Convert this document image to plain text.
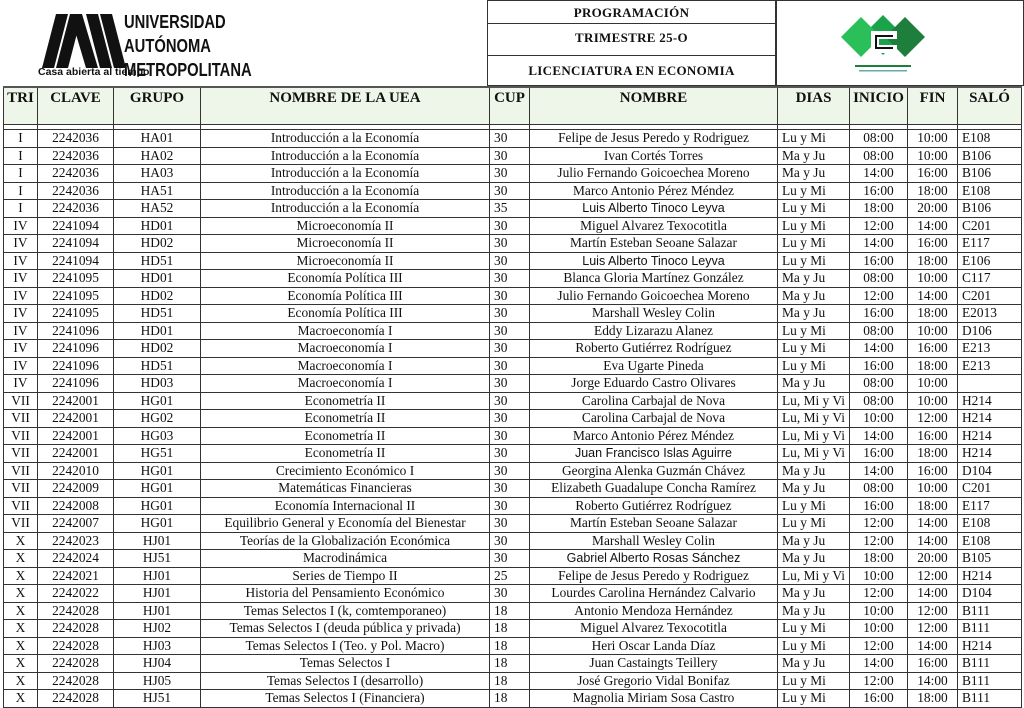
Casa abierta al tiempo
UNIVERSIDAD
AUTÓNOMA
METROPOLITANA
PROGRAMACIÓN
TRIMESTRE 25-O
LICENCIATURA EN ECONOMIA
TRI	CLAVE	GRUPO	NOMBRE DE LA UEA	CUP	NOMBRE	DIAS	INICIO	FIN	SALÓ

I	2242036	HA01	Introducción a la Economía	30	Felipe de Jesus Peredo y Rodriguez	Lu y Mi	08:00	10:00	E108
I	2242036	HA02	Introducción a la Economía	30	Ivan Cortés Torres	Ma y Ju	08:00	10:00	B106
I	2242036	HA03	Introducción a la Economía	30	Julio Fernando Goicoechea Moreno	Ma y Ju	14:00	16:00	B106
I	2242036	HA51	Introducción a la Economía	30	Marco Antonio Pérez Méndez	Lu y Mi	16:00	18:00	E108
I	2242036	HA52	Introducción a la Economía	35	Luis Alberto Tinoco Leyva	Lu y Mi	18:00	20:00	B106
IV	2241094	HD01	Microeconomía II	30	Miguel Alvarez Texocotitla	Lu y Mi	12:00	14:00	C201
IV	2241094	HD02	Microeconomía II	30	Martín Esteban Seoane Salazar	Lu y Mi	14:00	16:00	E117
IV	2241094	HD51	Microeconomía II	30	Luis Alberto Tinoco Leyva	Lu y Mi	16:00	18:00	E106
IV	2241095	HD01	Economía Política III	30	Blanca Gloria Martínez González	Ma y Ju	08:00	10:00	C117
IV	2241095	HD02	Economía Política III	30	Julio Fernando Goicoechea Moreno	Ma y Ju	12:00	14:00	C201
IV	2241095	HD51	Economía Política III	30	Marshall Wesley Colin	Ma y Ju	16:00	18:00	E2013
IV	2241096	HD01	Macroeconomía I	30	Eddy Lizarazu Alanez	Lu y Mi	08:00	10:00	D106
IV	2241096	HD02	Macroeconomía I	30	Roberto Gutiérrez Rodríguez	Lu y Mi	14:00	16:00	E213
IV	2241096	HD51	Macroeconomía I	30	Eva Ugarte Pineda	Lu y Mi	16:00	18:00	E213
IV	2241096	HD03	Macroeconomía I	30	Jorge Eduardo Castro Olivares	Ma y Ju	08:00	10:00	
VII	2242001	HG01	Econometría II	30	Carolina Carbajal de Nova	Lu, Mi y Vi	08:00	10:00	H214
VII	2242001	HG02	Econometría II	30	Carolina Carbajal de Nova	Lu, Mi y Vi	10:00	12:00	H214
VII	2242001	HG03	Econometría II	30	Marco Antonio Pérez Méndez	Lu, Mi y Vi	14:00	16:00	H214
VII	2242001	HG51	Econometría II	30	Juan Francisco Islas Aguirre	Lu, Mi y Vi	16:00	18:00	H214
VII	2242010	HG01	Crecimiento Económico I	30	Georgina Alenka Guzmán Chávez	Ma y Ju	14:00	16:00	D104
VII	2242009	HG01	Matemáticas Financieras	30	Elizabeth Guadalupe Concha Ramírez	Ma y Ju	08:00	10:00	C201
VII	2242008	HG01	Economía Internacional II	30	Roberto Gutiérrez Rodríguez	Lu y Mi	16:00	18:00	E117
VII	2242007	HG01	Equilibrio General y Economía del Bienestar	30	Martín Esteban Seoane Salazar	Lu y Mi	12:00	14:00	E108
X	2242023	HJ01	Teorías de la Globalización Económica	30	Marshall Wesley Colin	Ma y Ju	12:00	14:00	E108
X	2242024	HJ51	Macrodinámica	30	Gabriel Alberto Rosas Sánchez	Ma y Ju	18:00	20:00	B105
X	2242021	HJ01	Series de Tiempo II	25	Felipe de Jesus Peredo y Rodriguez	Lu, Mi y Vi	10:00	12:00	H214
X	2242022	HJ01	Historia del Pensamiento Económico	30	Lourdes Carolina Hernández Calvario	Ma y Ju	12:00	14:00	D104
X	2242028	HJ01	Temas Selectos I (k, comtemporaneo)	18	Antonio Mendoza Hernández	Ma y Ju	10:00	12:00	B111
X	2242028	HJ02	Temas Selectos I (deuda pública y privada)	18	Miguel Alvarez Texocotitla	Lu y Mi	10:00	12:00	B111
X	2242028	HJ03	Temas Selectos I (Teo. y Pol. Macro)	18	Heri Oscar Landa Díaz	Lu y Mi	12:00	14:00	H214
X	2242028	HJ04	Temas Selectos I	18	Juan Castaingts Teillery	Ma y Ju	14:00	16:00	B111
X	2242028	HJ05	Temas Selectos I (desarrollo)	18	José Gregorio Vidal Bonifaz	Lu y Mi	12:00	14:00	B111
X	2242028	HJ51	Temas Selectos I (Financiera)	18	Magnolia Miriam Sosa Castro	Lu y Mi	16:00	18:00	B111
